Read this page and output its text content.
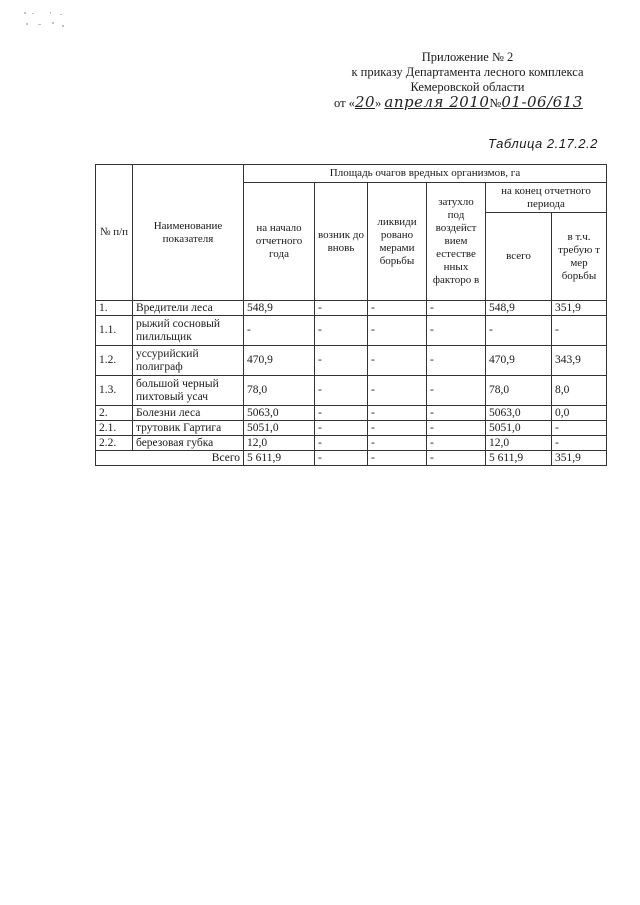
Приложение № 2
к приказу Департамента лесного комплекса
Кемеровской области
от «20» апреля 2010№01-06/613
Таблица 2.17.2.2
№ п/п	Наименование показателя	Площадь очагов вредных организмов, га					
		на начало отчетного года	возник до вновь	ликвиди ровано мерами борьбы	затухло под воздейст вием естестве нных факторо в	на конец отчетного периода	
						всего	в т.ч. требую т мер борьбы
1.	Вредители леса	548,9	-	-	-	548,9	351,9
1.1.	рыжий сосновый пилильщик	-	-	-	-	-	-
1.2.	уссурийский полиграф	470,9	-	-	-	470,9	343,9
1.3.	большой черный пихтовый усач	78,0	-	-	-	78,0	8,0
2.	Болезни леса	5063,0	-	-	-	5063,0	0,0
2.1.	трутовик Гартига	5051,0	-	-	-	5051,0	-
2.2.	березовая губка	12,0	-	-	-	12,0	-
Всего		5 611,9	-	-	-	5 611,9	351,9
